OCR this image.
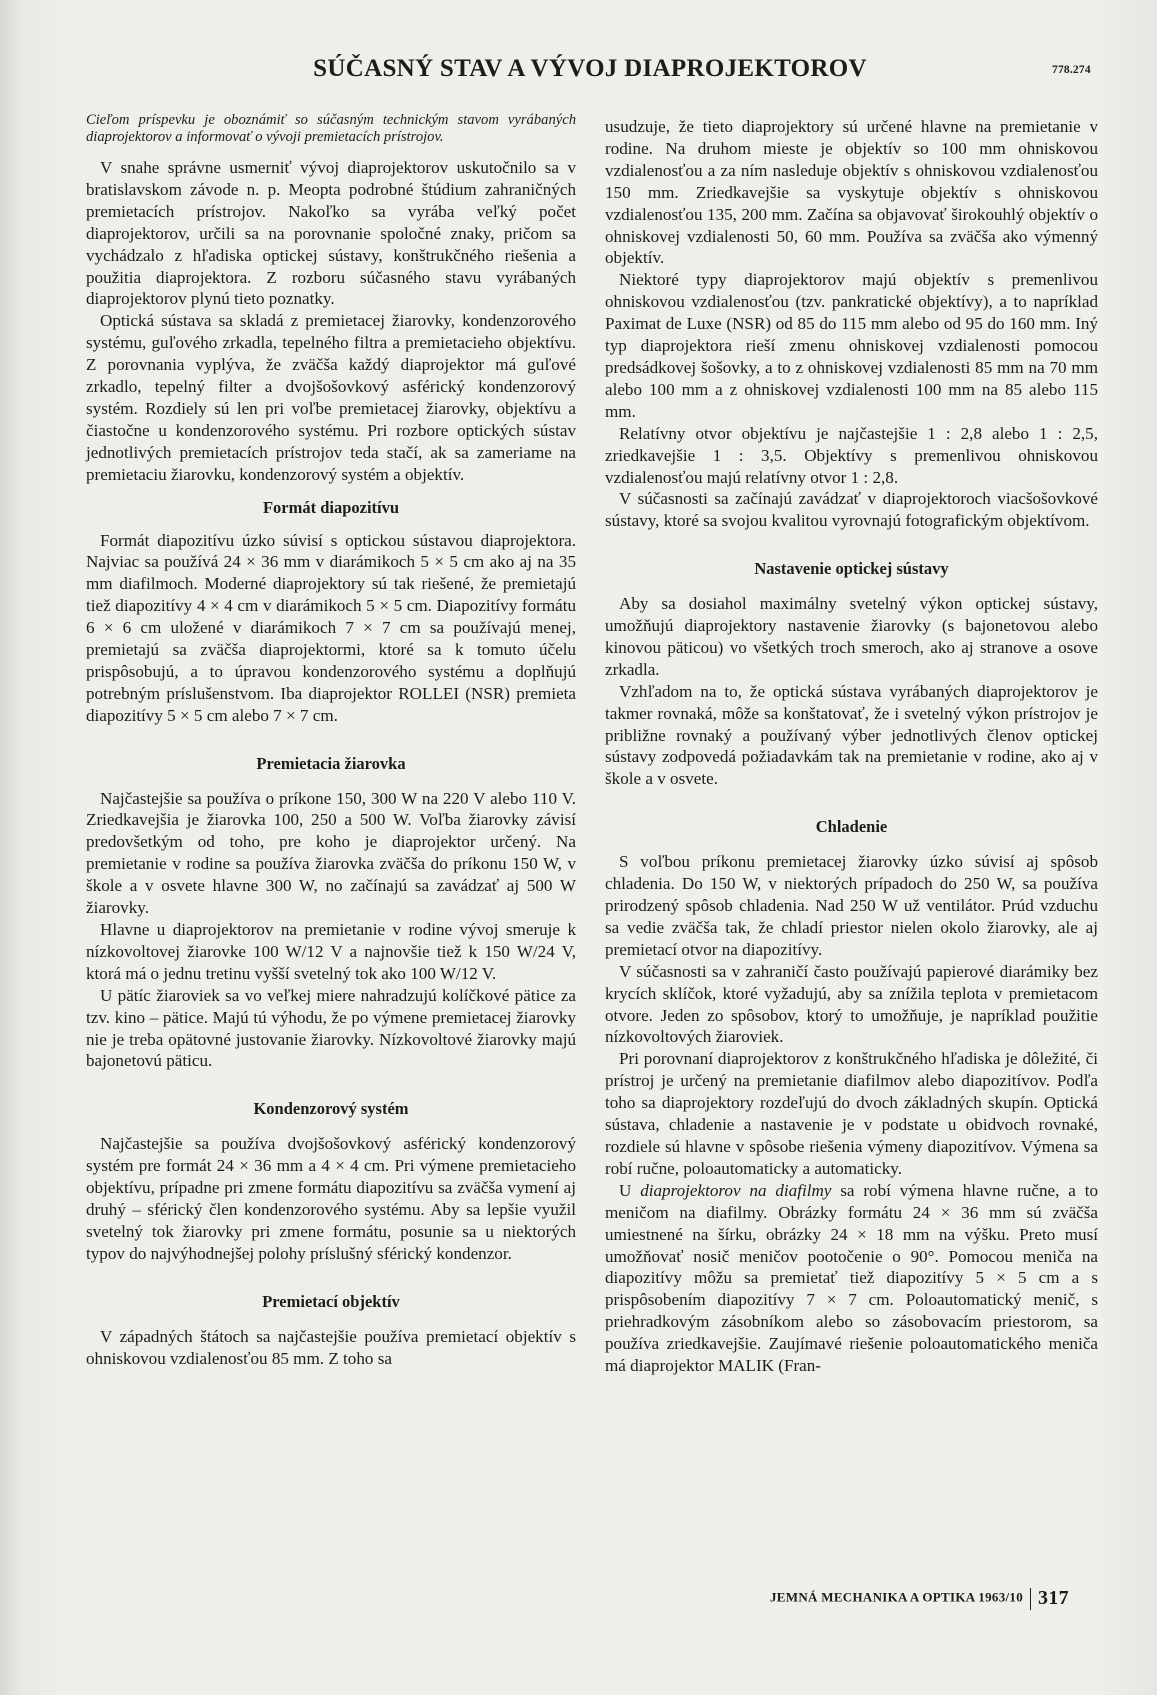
SÚČASNÝ STAV A VÝVOJ DIAPROJEKTOROV	778.274
Cieľom príspevku je oboznámiť so súčasným technickým stavom vyrábaných diaprojektorov a informovať o vývoji premietacích prístrojov.

V snahe správne usmerniť vývoj diaprojektorov uskutočnilo sa v bratislavskom závode n. p. Meopta podrobné štúdium zahraničných premietacích prístrojov. Nakoľko sa vyrába veľký počet diaprojektorov, určili sa na porovnanie spoločné znaky, pričom sa vychádzalo z hľadiska optickej sústavy, konštrukčného riešenia a použitia diaprojektora. Z rozboru súčasného stavu vyrábaných diaprojektorov plynú tieto poznatky.

Optická sústava sa skladá z premietacej žiarovky, kondenzorového systému, guľového zrkadla, tepelného filtra a premietacieho objektívu. Z porovnania vyplýva, že zväčša každý diaprojektor má guľové zrkadlo, tepelný filter a dvojšošovkový asférický kondenzorový systém. Rozdiely sú len pri voľbe premietacej žiarovky, objektívu a čiastočne u kondenzorového systému. Pri rozbore optických sústav jednotlivých premietacích prístrojov teda stačí, ak sa zameriame na premietaciu žiarovku, kondenzorový systém a objektív.

Formát diapozitívu

Formát diapozitívu úzko súvisí s optickou sústavou diaprojektora. Najviac sa používá 24 × 36 mm v diarámikoch 5 × 5 cm ako aj na 35 mm diafilmoch. Moderné diaprojektory sú tak riešené, že premietajú tiež diapozitívy 4 × 4 cm v diarámikoch 5 × 5 cm. Diapozitívy formátu 6 × 6 cm uložené v diarámikoch 7 × 7 cm sa používajú menej, premietajú sa zväčša diaprojektormi, ktoré sa k tomuto účelu prispôsobujú, a to úpravou kondenzorového systému a doplňujú potrebným príslušenstvom. Iba diaprojektor ROLLEI (NSR) premieta diapozitívy 5 × 5 cm alebo 7 × 7 cm.

Premietacia žiarovka

Najčastejšie sa používa o príkone 150, 300 W na 220 V alebo 110 V. Zriedkavejšia je žiarovka 100, 250 a 500 W. Voľba žiarovky závisí predovšetkým od toho, pre koho je diaprojektor určený. Na premietanie v rodine sa používa žiarovka zväčša do príkonu 150 W, v škole a v osvete hlavne 300 W, no začínajú sa zavádzať aj 500 W žiarovky.

Hlavne u diaprojektorov na premietanie v rodine vývoj smeruje k nízkovoltovej žiarovke 100 W/12 V a najnovšie tiež k 150 W/24 V, ktorá má o jednu tretinu vyšší svetelný tok ako 100 W/12 V.

U pätíc žiaroviek sa vo veľkej miere nahradzujú kolíčkové pätice za tzv. kino – pätice. Majú tú výhodu, že po výmene premietacej žiarovky nie je treba opätovné justovanie žiarovky. Nízkovoltové žiarovky majú bajonetovú päticu.

Kondenzorový systém

Najčastejšie sa používa dvojšošovkový asférický kondenzorový systém pre formát 24 × 36 mm a 4 × 4 cm. Pri výmene premietacieho objektívu, prípadne pri zmene formátu diapozitívu sa zväčša vymení aj druhý – sférický člen kondenzorového systému. Aby sa lepšie využil svetelný tok žiarovky pri zmene formátu, posunie sa u niektorých typov do najvýhodnejšej polohy príslušný sférický kondenzor.

Premietací objektív

V západných štátoch sa najčastejšie používa premietací objektív s ohniskovou vzdialenosťou 85 mm. Z toho sa

usudzuje, že tieto diaprojektory sú určené hlavne na premietanie v rodine. Na druhom mieste je objektív so 100 mm ohniskovou vzdialenosťou a za ním nasleduje objektív s ohniskovou vzdialenosťou 150 mm. Zriedkavejšie sa vyskytuje objektív s ohniskovou vzdialenosťou 135, 200 mm. Začína sa objavovať širokouhlý objektív o ohniskovej vzdialenosti 50, 60 mm. Používa sa zväčša ako výmenný objektív.

Niektoré typy diaprojektorov majú objektív s premenlivou ohniskovou vzdialenosťou (tzv. pankratické objektívy), a to napríklad Paximat de Luxe (NSR) od 85 do 115 mm alebo od 95 do 160 mm. Iný typ diaprojektora rieší zmenu ohniskovej vzdialenosti pomocou predsádkovej šošovky, a to z ohniskovej vzdialenosti 85 mm na 70 mm alebo 100 mm a z ohniskovej vzdialenosti 100 mm na 85 alebo 115 mm.

Relatívny otvor objektívu je najčastejšie 1 : 2,8 alebo 1 : 2,5, zriedkavejšie 1 : 3,5. Objektívy s premenlivou ohniskovou vzdialenosťou majú relatívny otvor 1 : 2,8.

V súčasnosti sa začínajú zavádzať v diaprojektoroch viacšošovkové sústavy, ktoré sa svojou kvalitou vyrovnajú fotografickým objektívom.

Nastavenie optickej sústavy

Aby sa dosiahol maximálny svetelný výkon optickej sústavy, umožňujú diaprojektory nastavenie žiarovky (s bajonetovou alebo kinovou päticou) vo všetkých troch smeroch, ako aj stranove a osove zrkadla.

Vzhľadom na to, že optická sústava vyrábaných diaprojektorov je takmer rovnaká, môže sa konštatovať, že i svetelný výkon prístrojov je približne rovnaký a používaný výber jednotlivých členov optickej sústavy zodpovedá požiadavkám tak na premietanie v rodine, ako aj v škole a v osvete.

Chladenie

S voľbou príkonu premietacej žiarovky úzko súvisí aj spôsob chladenia. Do 150 W, v niektorých prípadoch do 250 W, sa používa prirodzený spôsob chladenia. Nad 250 W už ventilátor. Prúd vzduchu sa vedie zväčša tak, že chladí priestor nielen okolo žiarovky, ale aj premietací otvor na diapozitívy.

V súčasnosti sa v zahraničí často používajú papierové diarámiky bez krycích sklíčok, ktoré vyžadujú, aby sa znížila teplota v premietacom otvore. Jeden zo spôsobov, ktorý to umožňuje, je napríklad použitie nízkovoltových žiaroviek.

Pri porovnaní diaprojektorov z konštrukčného hľadiska je dôležité, či prístroj je určený na premietanie diafilmov alebo diapozitívov. Podľa toho sa diaprojektory rozdeľujú do dvoch základných skupín. Optická sústava, chladenie a nastavenie je v podstate u obidvoch rovnaké, rozdiele sú hlavne v spôsobe riešenia výmeny diapozitívov. Výmena sa robí ručne, poloautomaticky a automaticky.

U diaprojektorov na diafilmy sa robí výmena hlavne ručne, a to meničom na diafilmy. Obrázky formátu 24 × 36 mm sú zväčša umiestnené na šírku, obrázky 24 × 18 mm na výšku. Preto musí umožňovať nosič meničov pootočenie o 90°. Pomocou meniča na diapozitívy môžu sa premietať tiež diapozitívy 5 × 5 cm a s prispôsobením diapozitívy 7 × 7 cm. Poloautomatický menič, s priehradkovým zásobníkom alebo so zásobovacím priestorom, sa používa zriedkavejšie. Zaujímavé riešenie poloautomatického meniča má diaprojektor MALIK (Fran-

JEMNÁ MECHANIKA A OPTIKA 1963/10 317
